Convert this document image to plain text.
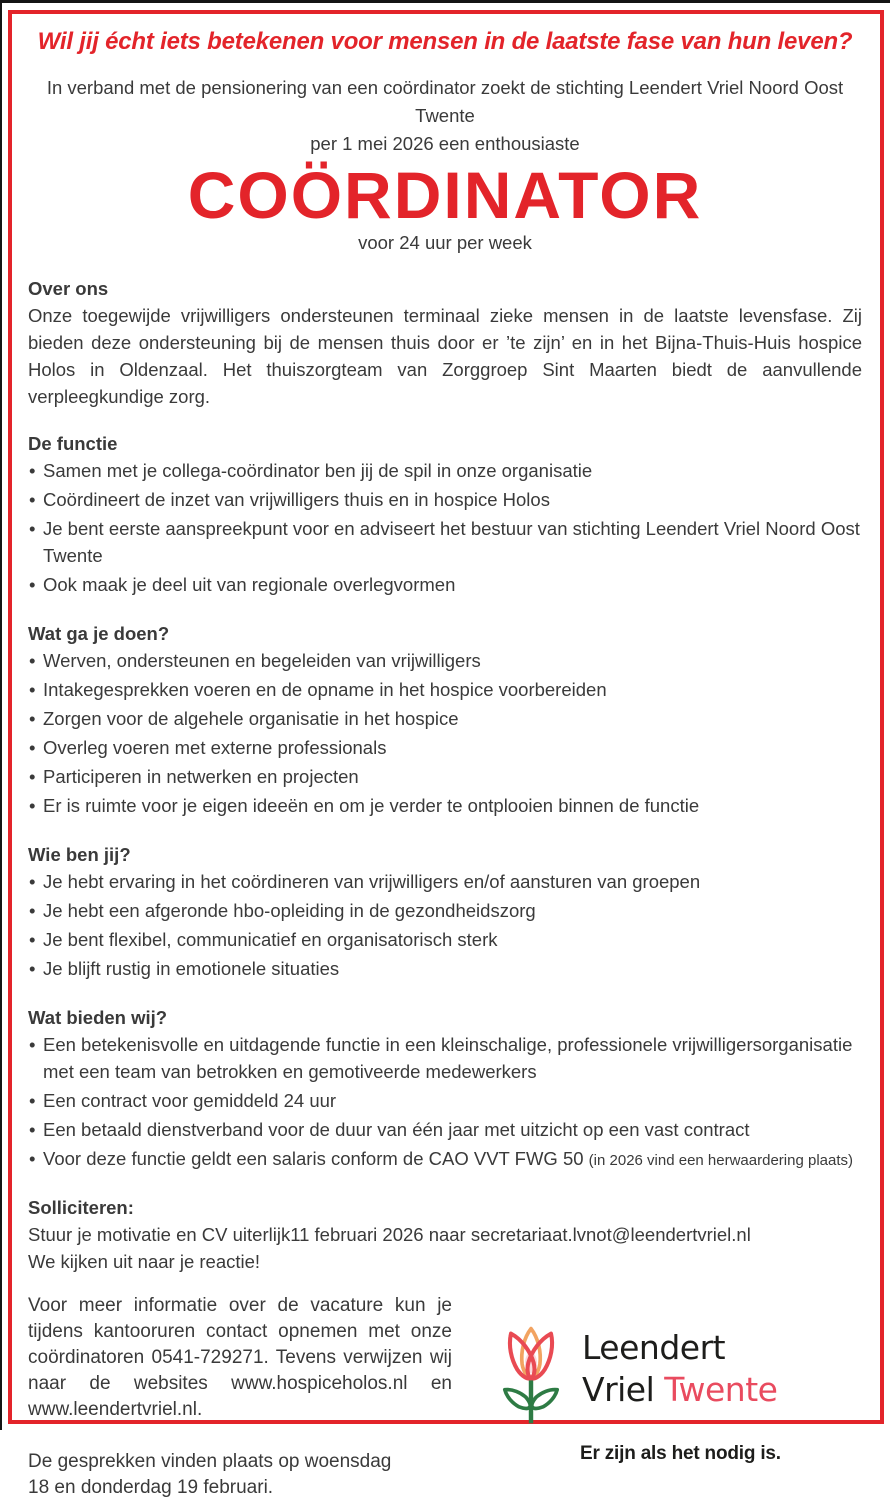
Wil jij écht iets betekenen voor mensen in de laatste fase van hun leven?

In verband met de pensionering van een coördinator zoekt de stichting Leendert Vriel Noord Oost Twente
per 1 mei 2026 een enthousiaste

COÖRDINATOR
voor 24 uur per week
Over ons

Onze toegewijde vrijwilligers ondersteunen terminaal zieke mensen in de laatste levensfase. Zij bieden deze ondersteuning bij de mensen thuis door er ’te zijn’ en in het Bijna-Thuis-Huis hospice Holos in Oldenzaal. Het thuiszorgteam van Zorggroep Sint Maarten biedt de aanvullende verpleegkundige zorg.

De functie
• Samen met je collega-coördinator ben jij de spil in onze organisatie
• Coördineert de inzet van vrijwilligers thuis en in hospice Holos
• Je bent eerste aanspreekpunt voor en adviseert het bestuur van stichting Leendert Vriel Noord Oost Twente
• Ook maak je deel uit van regionale overlegvormen
Wat ga je doen?
• Werven, ondersteunen en begeleiden van vrijwilligers
• Intakegesprekken voeren en de opname in het hospice voorbereiden
• Zorgen voor de algehele organisatie in het hospice
• Overleg voeren met externe professionals
• Participeren in netwerken en projecten
• Er is ruimte voor je eigen ideeën en om je verder te ontplooien binnen de functie
Wie ben jij?
• Je hebt ervaring in het coördineren van vrijwilligers en/of aansturen van groepen
• Je hebt een afgeronde hbo-opleiding in de gezondheidszorg
• Je bent flexibel, communicatief en organisatorisch sterk
• Je blijft rustig in emotionele situaties
Wat bieden wij?
• Een betekenisvolle en uitdagende functie in een kleinschalige, professionele vrijwilligersorganisatie met een team van betrokken en gemotiveerde medewerkers
• Een contract voor gemiddeld 24 uur
• Een betaald dienstverband voor de duur van één jaar met uitzicht op een vast contract
• Voor deze functie geldt een salaris conform de CAO VVT FWG 50 (in 2026 vind een herwaardering plaats)
Solliciteren:

Stuur je motivatie en CV uiterlijk11 februari 2026 naar secretariaat.lvnot@leendertvriel.nl

We kijken uit naar je reactie!

Voor meer informatie over de vacature kun je tijdens kantooruren contact opnemen met onze coördinatoren 0541-729271. Tevens verwijzen wij naar de websites www.hospiceholos.nl en www.leendertvriel.nl.

De gesprekken vinden plaats op woensdag
18 en donderdag 19 februari.

Leendert
Vriel Twente
Er zijn als het nodig is.
